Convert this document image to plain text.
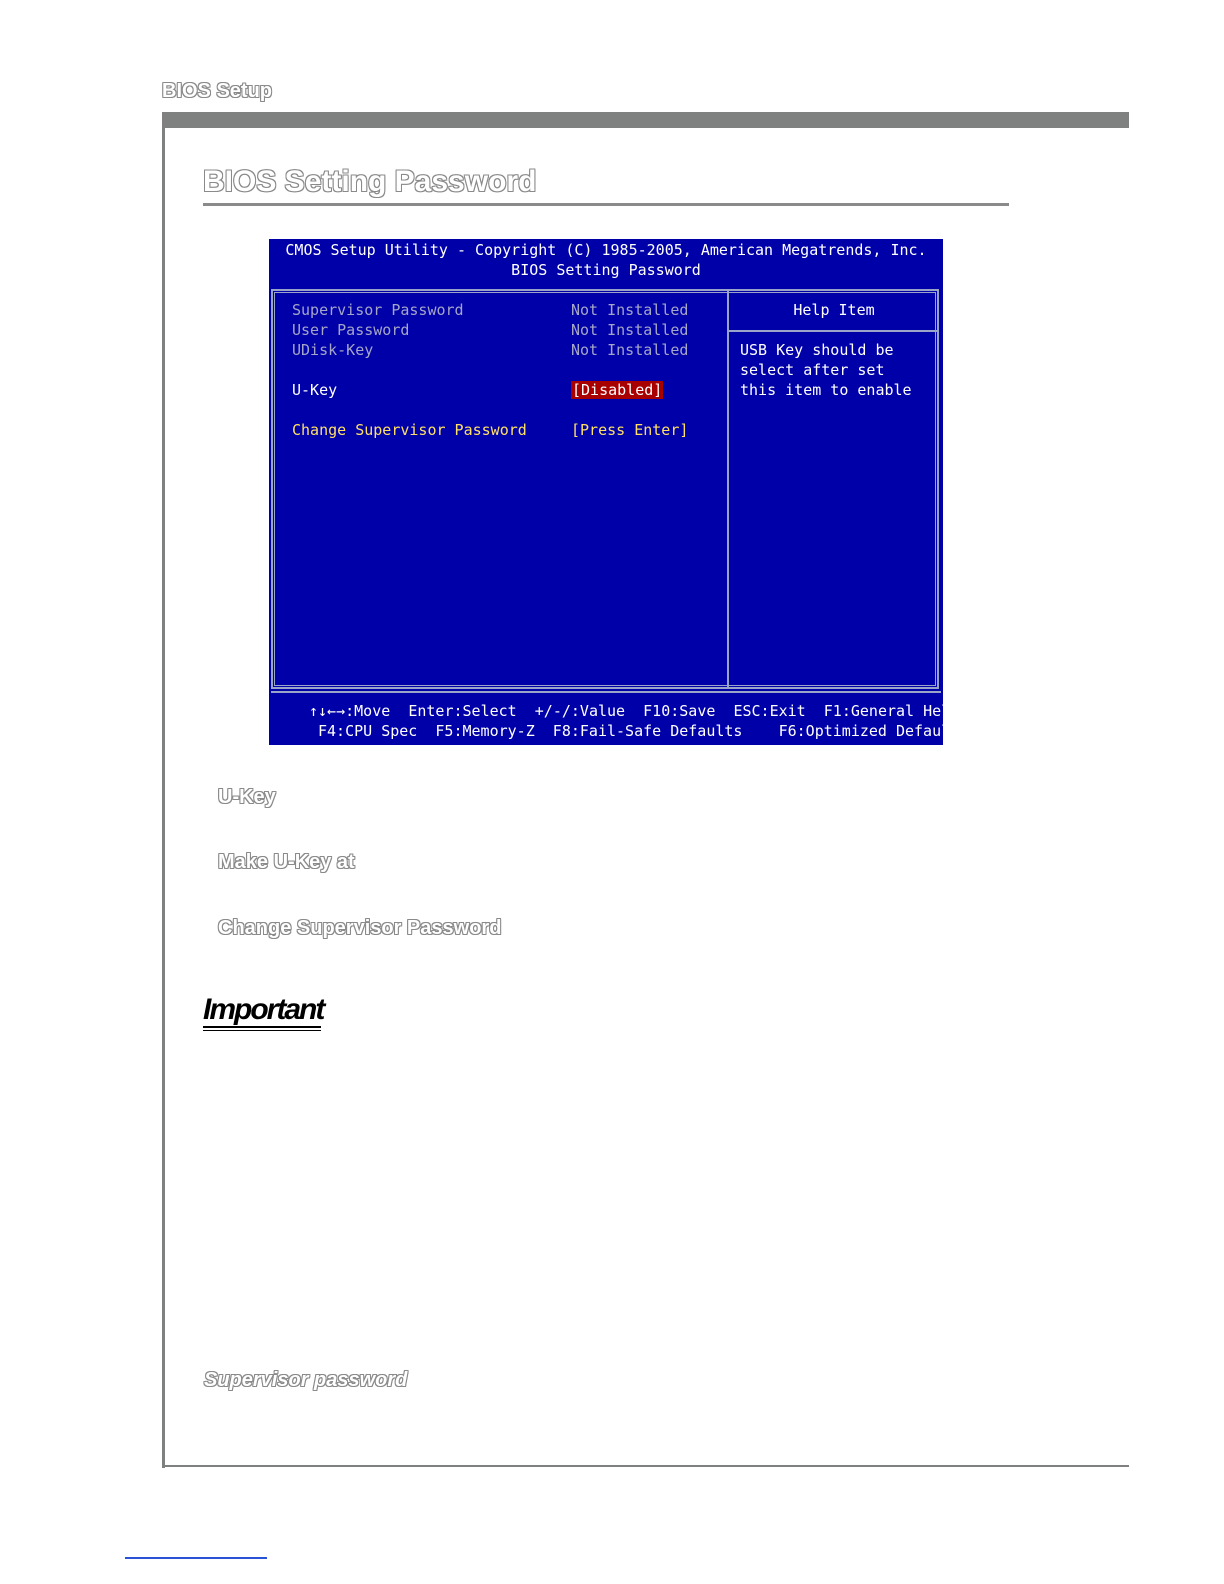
BIOS Setup
BIOS Setting Password
CMOS Setup Utility - Copyright (C) 1985-2005, American Megatrends, Inc.
BIOS Setting Password
Supervisor Password	Not Installed
User Password	Not Installed
UDisk-Key	Not Installed
U-Key	[Disabled]
Change Supervisor Password	[Press Enter]
Help Item
USB Key should be
select after set
this item to enable
↑↓←→:Move  Enter:Select  +/-/:Value  F10:Save  ESC:Exit  F1:General Help
F4:CPU Spec  F5:Memory-Z  F8:Fail-Safe Defaults    F6:Optimized Defaults
U-Key
Make U-Key at
Change Supervisor Password
Important
Supervisor password
